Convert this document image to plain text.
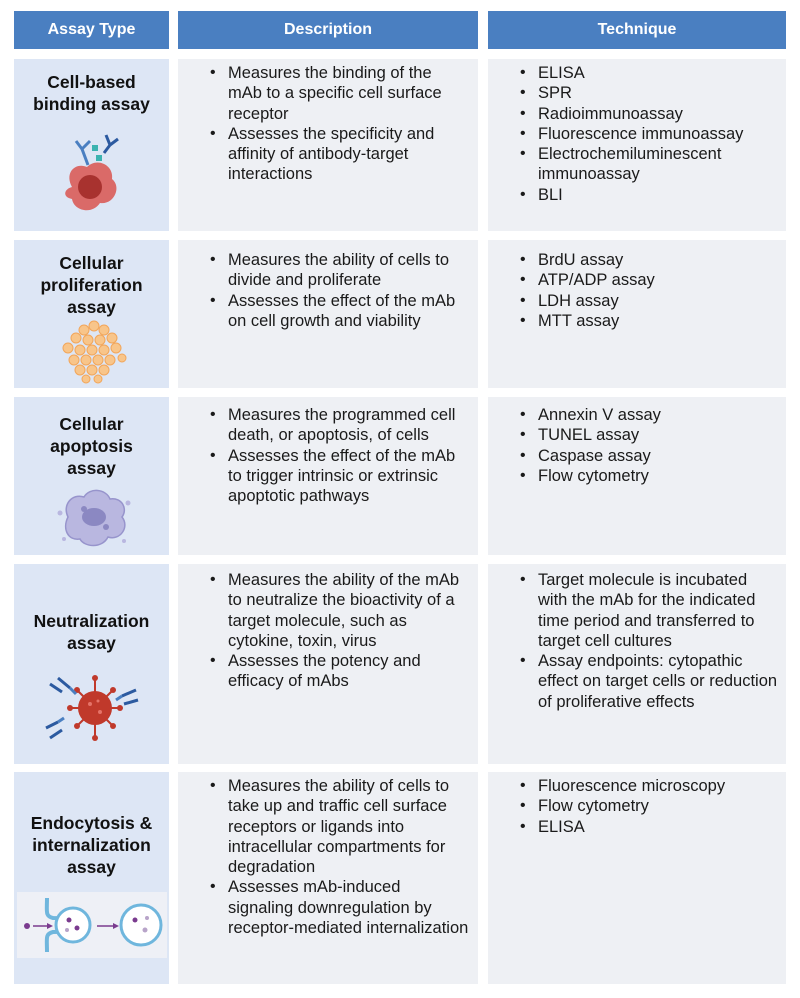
Assay Type	Description	Technique
Cell-based
binding assay
• Measures the binding of the mAb to a specific cell surface receptor
• Assesses the specificity and affinity of antibody-target interactions
• ELISA
• SPR
• Radioimmunoassay
• Fluorescence immunoassay
• Electrochemiluminescent immunoassay
• BLI
Cellular
proliferation
assay
• Measures the ability of cells to divide and proliferate
• Assesses the effect of the mAb on cell growth and viability
• BrdU assay
• ATP/ADP assay
• LDH assay
• MTT assay
Cellular
apoptosis
assay
• Measures the programmed cell death, or apoptosis, of cells
• Assesses the effect of the mAb to trigger intrinsic or extrinsic apoptotic pathways
• Annexin V assay
• TUNEL assay
• Caspase assay
• Flow cytometry
Neutralization
assay
• Measures the ability of the mAb to neutralize the bioactivity of a target molecule, such as cytokine, toxin, virus
• Assesses the potency and efficacy of mAbs
• Target molecule is incubated with the mAb for the indicated time period and transferred to target cell cultures
• Assay endpoints: cytopathic effect on target cells or reduction of proliferative effects
Endocytosis &
internalization
assay
• Measures the ability of cells to take up and traffic cell surface receptors or ligands into intracellular compartments for degradation
• Assesses mAb-induced signaling downregulation by receptor-mediated internalization
• Fluorescence microscopy
• Flow cytometry
• ELISA
